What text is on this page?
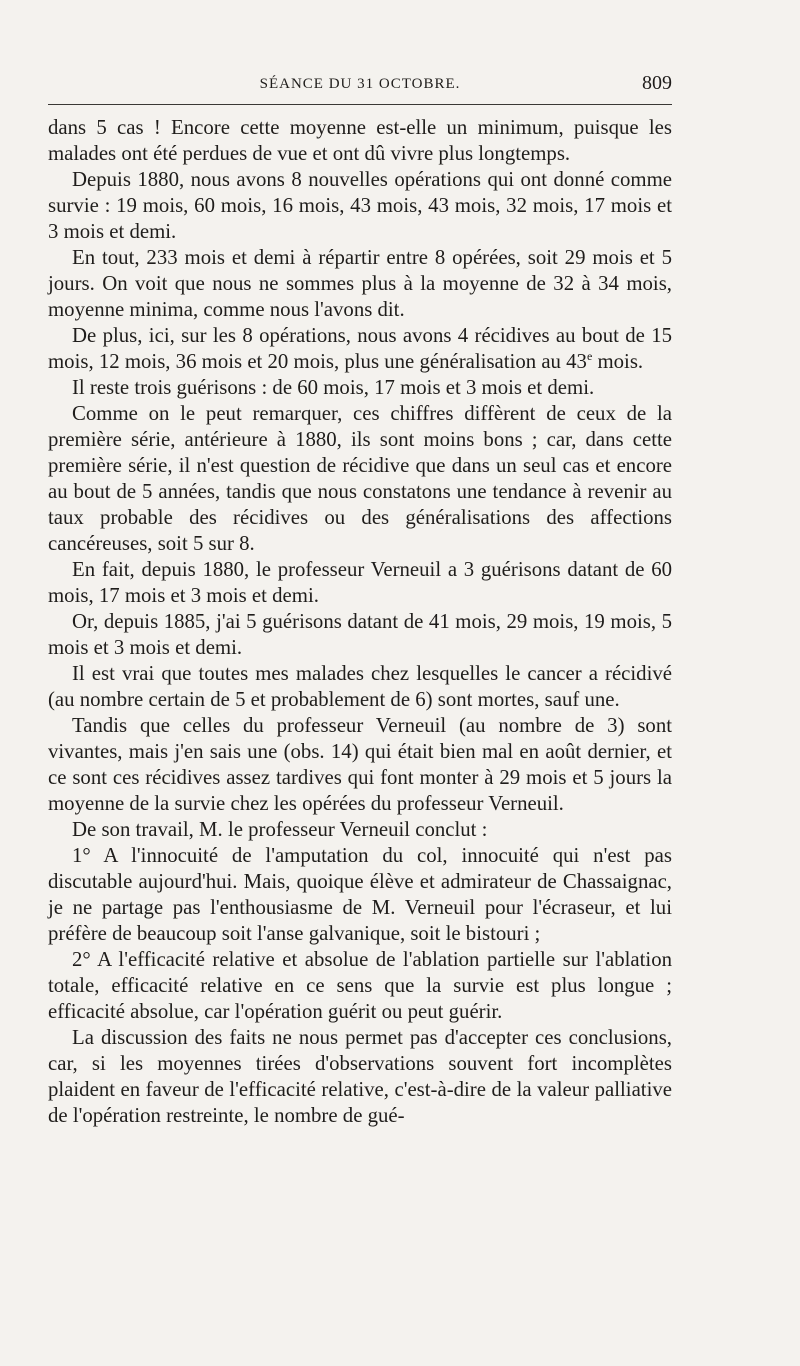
SÉANCE DU 31 OCTOBRE.	809

dans 5 cas ! Encore cette moyenne est-elle un minimum, puisque les malades ont été perdues de vue et ont dû vivre plus longtemps.

Depuis 1880, nous avons 8 nouvelles opérations qui ont donné comme survie : 19 mois, 60 mois, 16 mois, 43 mois, 43 mois, 32 mois, 17 mois et 3 mois et demi.

En tout, 233 mois et demi à répartir entre 8 opérées, soit 29 mois et 5 jours. On voit que nous ne sommes plus à la moyenne de 32 à 34 mois, moyenne minima, comme nous l'avons dit.

De plus, ici, sur les 8 opérations, nous avons 4 récidives au bout de 15 mois, 12 mois, 36 mois et 20 mois, plus une généralisation au 43e mois.

Il reste trois guérisons : de 60 mois, 17 mois et 3 mois et demi.

Comme on le peut remarquer, ces chiffres diffèrent de ceux de la première série, antérieure à 1880, ils sont moins bons ; car, dans cette première série, il n'est question de récidive que dans un seul cas et encore au bout de 5 années, tandis que nous constatons une tendance à revenir au taux probable des récidives ou des généralisations des affections cancéreuses, soit 5 sur 8.

En fait, depuis 1880, le professeur Verneuil a 3 guérisons datant de 60 mois, 17 mois et 3 mois et demi.

Or, depuis 1885, j'ai 5 guérisons datant de 41 mois, 29 mois, 19 mois, 5 mois et 3 mois et demi.

Il est vrai que toutes mes malades chez lesquelles le cancer a récidivé (au nombre certain de 5 et probablement de 6) sont mortes, sauf une.

Tandis que celles du professeur Verneuil (au nombre de 3) sont vivantes, mais j'en sais une (obs. 14) qui était bien mal en août dernier, et ce sont ces récidives assez tardives qui font monter à 29 mois et 5 jours la moyenne de la survie chez les opérées du professeur Verneuil.

De son travail, M. le professeur Verneuil conclut :

1° A l'innocuité de l'amputation du col, innocuité qui n'est pas discutable aujourd'hui. Mais, quoique élève et admirateur de Chassaignac, je ne partage pas l'enthousiasme de M. Verneuil pour l'écraseur, et lui préfère de beaucoup soit l'anse galvanique, soit le bistouri ;

2° A l'efficacité relative et absolue de l'ablation partielle sur l'ablation totale, efficacité relative en ce sens que la survie est plus longue ; efficacité absolue, car l'opération guérit ou peut guérir.

La discussion des faits ne nous permet pas d'accepter ces conclusions, car, si les moyennes tirées d'observations souvent fort incomplètes plaident en faveur de l'efficacité relative, c'est-à-dire de la valeur palliative de l'opération restreinte, le nombre de gué-
